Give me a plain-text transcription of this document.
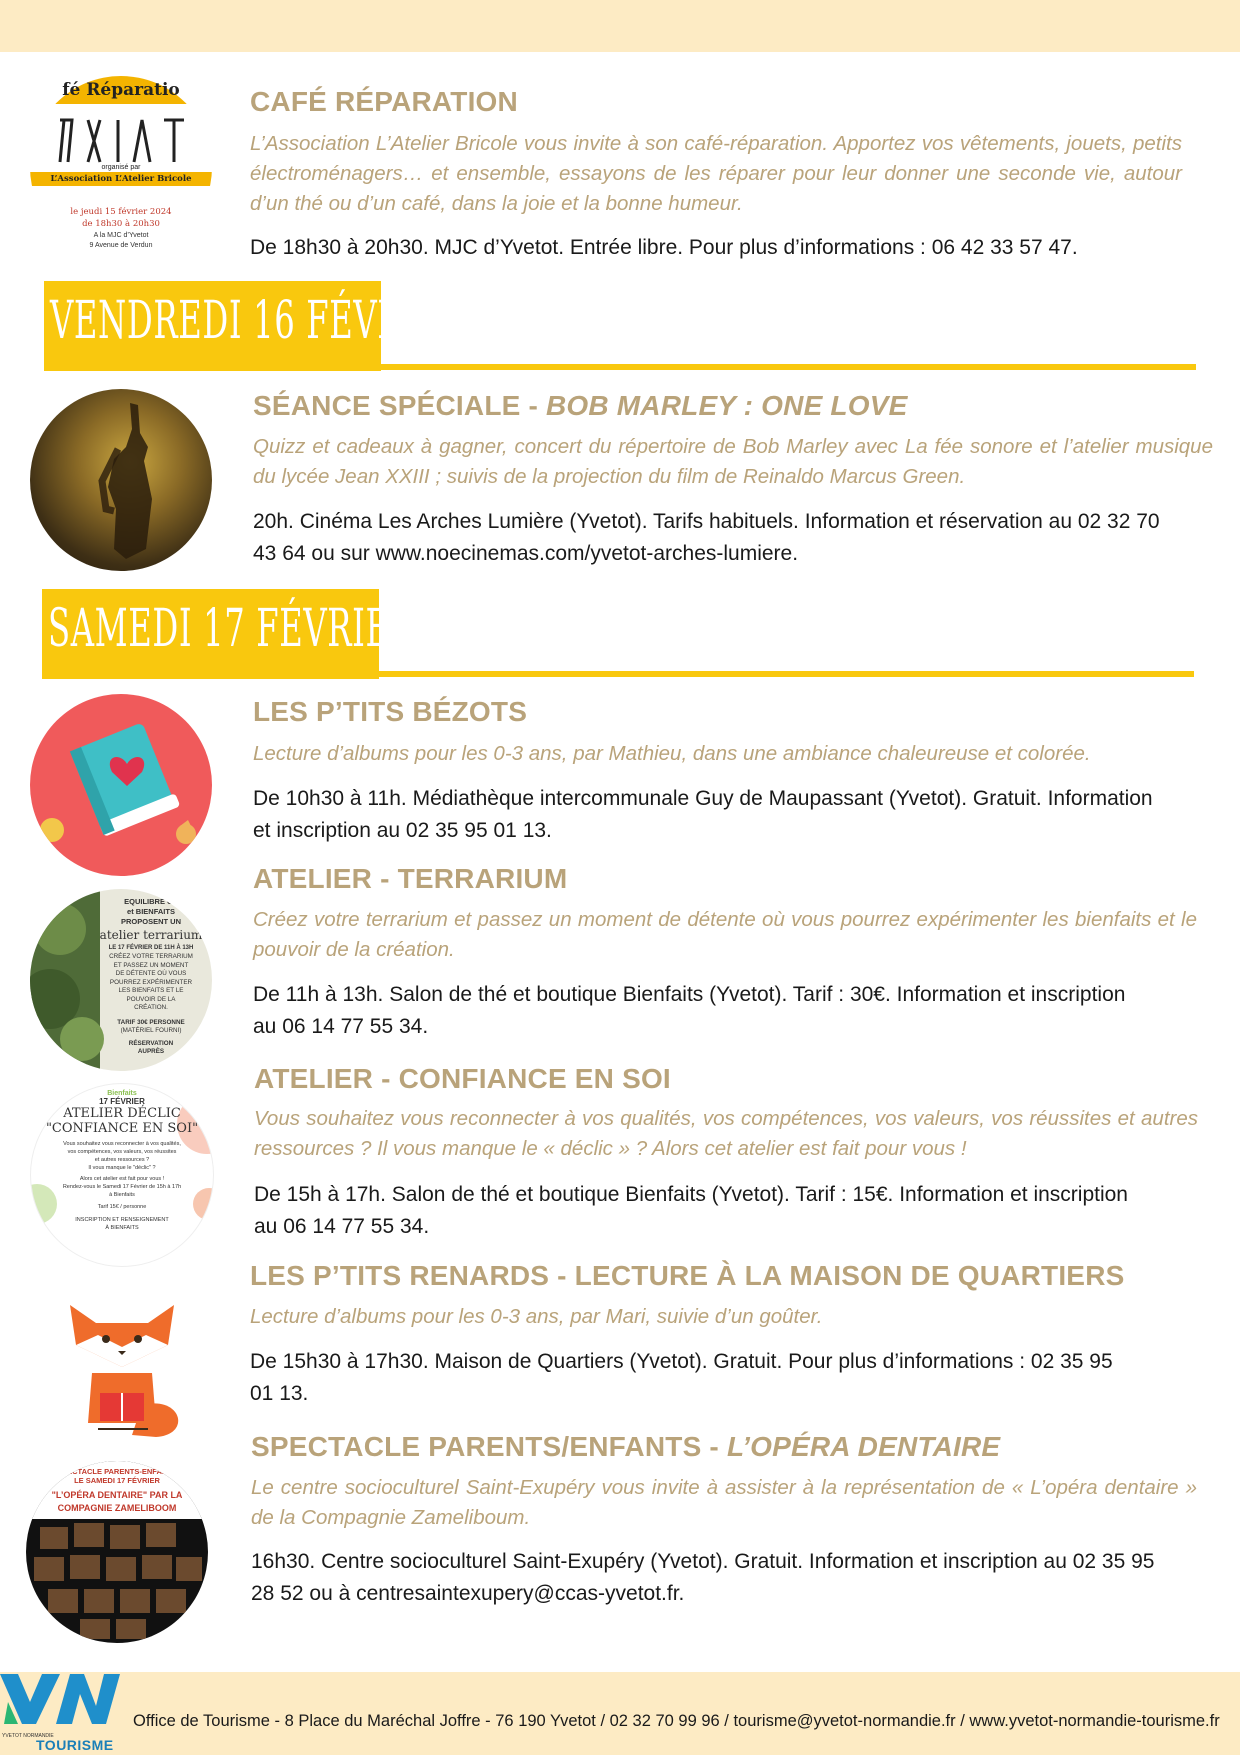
fé Réparatio
organisé par
L’Association L’Atelier Bricole
le jeudi 15 février 2024
de 18h30 à 20h30
A la MJC d’Yvetot
9 Avenue de Verdun
CAFÉ RÉPARATION
L’Association L’Atelier Bricole vous invite à son café-réparation. Apportez vos vêtements, jouets, petits électroménagers… et ensemble, essayons de les réparer pour leur donner une seconde vie, autour d’un thé ou d’un café, dans la joie et la bonne humeur.
De 18h30 à 20h30. MJC d’Yvetot. Entrée libre. Pour plus d’informations : 06 42 33 57 47.
VENDREDI 16 FÉVRIER
SÉANCE SPÉCIALE - BOB MARLEY : ONE LOVE
Quizz et cadeaux à gagner, concert du répertoire de Bob Marley avec La fée sonore et l’atelier musique du lycée Jean XXIII ; suivis de la projection du film de Reinaldo Marcus Green.
20h. Cinéma Les Arches Lumière (Yvetot). Tarifs habituels. Information et réservation au 02 32 70 43 64 ou sur www.noecinemas.com/yvetot-arches-lumiere.
SAMEDI 17 FÉVRIER
LES P’TITS BÉZOTS
Lecture d’albums pour les 0-3 ans, par Mathieu, dans une ambiance chaleureuse et colorée.
De 10h30 à 11h. Médiathèque intercommunale Guy de Maupassant (Yvetot). Gratuit. Information et inscription au 02 35 95 01 13.
EQUILIBRE CA
et BIENFAITS
PROPOSENT UN
atelier terrarium
LE 17 FÉVRIER DE 11H À 13H
CRÉEZ VOTRE TERRARIUM
ET PASSEZ UN MOMENT
DE DÉTENTE OÙ VOUS
POURREZ EXPÉRIMENTER
LES BIENFAITS ET LE
POUVOIR DE LA
CRÉATION.
TARIF 30€ PERSONNE
(MATÉRIEL FOURNI)
RÉSERVATION
AUPRÈS
ATELIER - TERRARIUM
Créez votre terrarium et passez un moment de détente où vous pourrez expérimenter les bienfaits et le pouvoir de la création.
De 11h à 13h. Salon de thé et boutique Bienfaits (Yvetot). Tarif : 30€. Information et inscription au 06 14 77 55 34.
Bienfaits
17 FÉVRIER
ATELIER DÉCLIC
"CONFIANCE EN SOI"
Vous souhaitez vous reconnecter à vos qualités,
vos compétences, vos valeurs, vos réussites
et autres ressources ?
Il vous manque le "déclic" ?
Alors cet atelier est fait pour vous !
Rendez-vous le Samedi 17 Février de 15h à 17h
à Bienfaits
Tarif 15€ / personne
INSCRIPTION ET RENSEIGNEMENT
À BIENFAITS
ATELIER - CONFIANCE EN SOI
Vous souhaitez vous reconnecter à vos qualités, vos compétences, vos valeurs, vos réussites et autres ressources ? Il vous manque le « déclic » ? Alors cet atelier est fait pour vous !
De 15h à 17h. Salon de thé et boutique Bienfaits (Yvetot). Tarif : 15€. Information et inscription au 06 14 77 55 34.
LES P’TITS RENARDS - LECTURE À LA MAISON DE QUARTIERS
Lecture d’albums pour les 0-3 ans, par Mari, suivie d’un goûter.
De 15h30 à 17h30. Maison de Quartiers (Yvetot). Gratuit. Pour plus d’informations : 02 35 95 01 13.
SPECTACLE PARENTS-ENFANTS
LE SAMEDI 17 FÉVRIER
"L’OPÉRA DENTAIRE" PAR LA
COMPAGNIE ZAMELIBOOM
SPECTACLE PARENTS/ENFANTS - L’OPÉRA DENTAIRE
Le centre socioculturel Saint-Exupéry vous invite à assister à la représentation de « L’opéra dentaire » de la Compagnie Zameliboum.
16h30. Centre socioculturel Saint-Exupéry (Yvetot). Gratuit. Information et inscription au 02 35 95 28 52 ou à centresaintexupery@ccas-yvetot.fr.
YVETOT NORMANDIE
TOURISME
Office de Tourisme - 8 Place du Maréchal Joffre - 76 190 Yvetot / 02 32 70 99 96 / tourisme@yvetot-normandie.fr / www.yvetot-normandie-tourisme.fr
